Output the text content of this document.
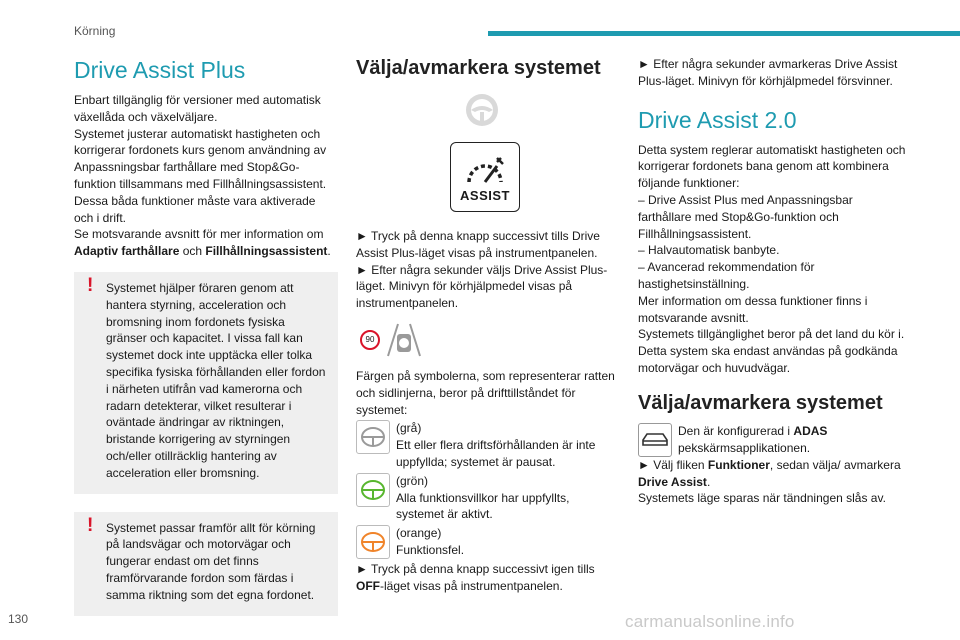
Körning
Drive Assist Plus

Enbart tillgänglig för versioner med automatisk växellåda och växelväljare.

Systemet justerar automatiskt hastigheten och korrigerar fordonets kurs genom användning av Anpassningsbar farthållare med Stop&Go-funktion tillsammans med Fillhållningsassistent.

Dessa båda funktioner måste vara aktiverade och i drift.

Se motsvarande avsnitt för mer information om Adaptiv farthållare och Fillhållningsassistent.

!	Systemet hjälper föraren genom att hantera styrning, acceleration och bromsning inom fordonets fysiska gränser och kapacitet. I vissa fall kan systemet dock inte upptäcka eller tolka specifika fysiska förhållanden eller fordon i närheten utifrån vad kamerorna och radarn detekterar, vilket resulterar i oväntade ändringar av riktningen, bristande korrigering av styrningen och/eller otillräcklig hantering av acceleration eller bromsning.

!	Systemet passar framför allt för körning på landsvägar och motorvägar och fungerar endast om det finns framförvarande fordon som färdas i samma riktning som det egna fordonet.

Välja/avmarkera systemet
ASSIST

► Tryck på denna knapp successivt tills Drive Assist Plus-läget visas på instrumentpanelen.

► Efter några sekunder väljs Drive Assist Plus-läget. Minivyn för körhjälpmedel visas på instrumentpanelen.

90

Färgen på symbolerna, som representerar ratten och sidlinjerna, beror på drifttillståndet för systemet:

(grå)

Ett eller flera driftsförhållanden är inte uppfyllda; systemet är pausat.

(grön)

Alla funktionsvillkor har uppfyllts, systemet är aktivt.

(orange)

Funktionsfel.

► Tryck på denna knapp successivt igen tills OFF-läget visas på instrumentpanelen.

► Efter några sekunder avmarkeras Drive Assist Plus-läget. Minivyn för körhjälpmedel försvinner.

Drive Assist 2.0

Detta system reglerar automatiskt hastigheten och korrigerar fordonets bana genom att kombinera följande funktioner:

– Drive Assist Plus med Anpassningsbar farthållare med Stop&Go-funktion och Fillhållningsassistent.

– Halvautomatisk banbyte.

– Avancerad rekommendation för hastighetsinställning.

Mer information om dessa funktioner finns i motsvarande avsnitt.

Systemets tillgänglighet beror på det land du kör i.

Detta system ska endast användas på godkända motorvägar och huvudvägar.

Välja/avmarkera systemet

Den är konfigurerad i ADAS pekskärmsapplikationen.

► Välj fliken Funktioner, sedan välja/ avmarkera Drive Assist.

Systemets läge sparas när tändningen slås av.

130	carmanualsonline.info
